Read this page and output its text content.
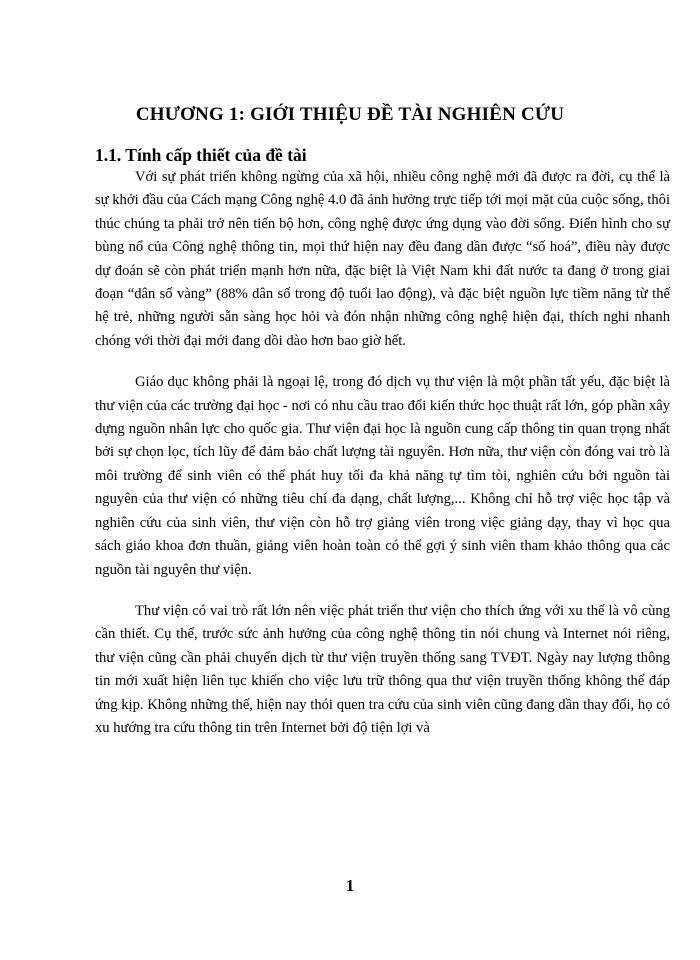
CHƯƠNG 1: GIỚI THIỆU ĐỀ TÀI NGHIÊN CỨU
1.1. Tính cấp thiết của đề tài

Với sự phát triển không ngừng của xã hội, nhiều công nghệ mới đã được ra đời, cụ thể là sự khởi đầu của Cách mạng Công nghệ 4.0 đã ảnh hưởng trực tiếp tới mọi mặt của cuộc sống, thôi thúc chúng ta phải trở nên tiến bộ hơn, công nghệ được ứng dụng vào đời sống. Điển hình cho sự bùng nổ của Công nghệ thông tin, mọi thứ hiện nay đều đang dần được “số hoá”, điều này được dự đoán sẽ còn phát triển mạnh hơn nữa, đặc biệt là Việt Nam khi đất nước ta đang ở trong giai đoạn “dân số vàng” (88% dân số trong độ tuổi lao động), và đặc biệt nguồn lực tiềm năng từ thế hệ trẻ, những người sẵn sàng học hỏi và đón nhận những công nghệ hiện đại, thích nghi nhanh chóng với thời đại mới đang dồi dào hơn bao giờ hết.

Giáo dục không phải là ngoại lệ, trong đó dịch vụ thư viện là một phần tất yếu, đặc biệt là thư viện của các trường đại học - nơi có nhu cầu trao đổi kiến thức học thuật rất lớn, góp phần xây dựng nguồn nhân lực cho quốc gia. Thư viện đại học là nguồn cung cấp thông tin quan trọng nhất bởi sự chọn lọc, tích lũy để đảm bảo chất lượng tài nguyên. Hơn nữa, thư viện còn đóng vai trò là môi trường để sinh viên có thể phát huy tối đa khả năng tự tìm tòi, nghiên cứu bởi nguồn tài nguyên của thư viện có những tiêu chí đa dạng, chất lượng,... Không chỉ hỗ trợ việc học tập và nghiên cứu của sinh viên, thư viện còn hỗ trợ giảng viên trong việc giảng dạy, thay vì học qua sách giáo khoa đơn thuần, giảng viên hoàn toàn có thể gợi ý sinh viên tham khảo thông qua các nguồn tài nguyên thư viện.

Thư viện có vai trò rất lớn nên việc phát triển thư viện cho thích ứng với xu thế là vô cùng cần thiết. Cụ thể, trước sức ảnh hưởng của công nghệ thông tin nói chung và Internet nói riêng, thư viện cũng cần phải chuyển dịch từ thư viện truyền thống sang TVĐT. Ngày nay lượng thông tin mới xuất hiện liên tục khiến cho việc lưu trữ thông qua thư viện truyền thống không thể đáp ứng kịp. Không những thế, hiện nay thói quen tra cứu của sinh viên cũng đang dần thay đổi, họ có xu hướng tra cứu thông tin trên Internet bởi độ tiện lợi và

1
